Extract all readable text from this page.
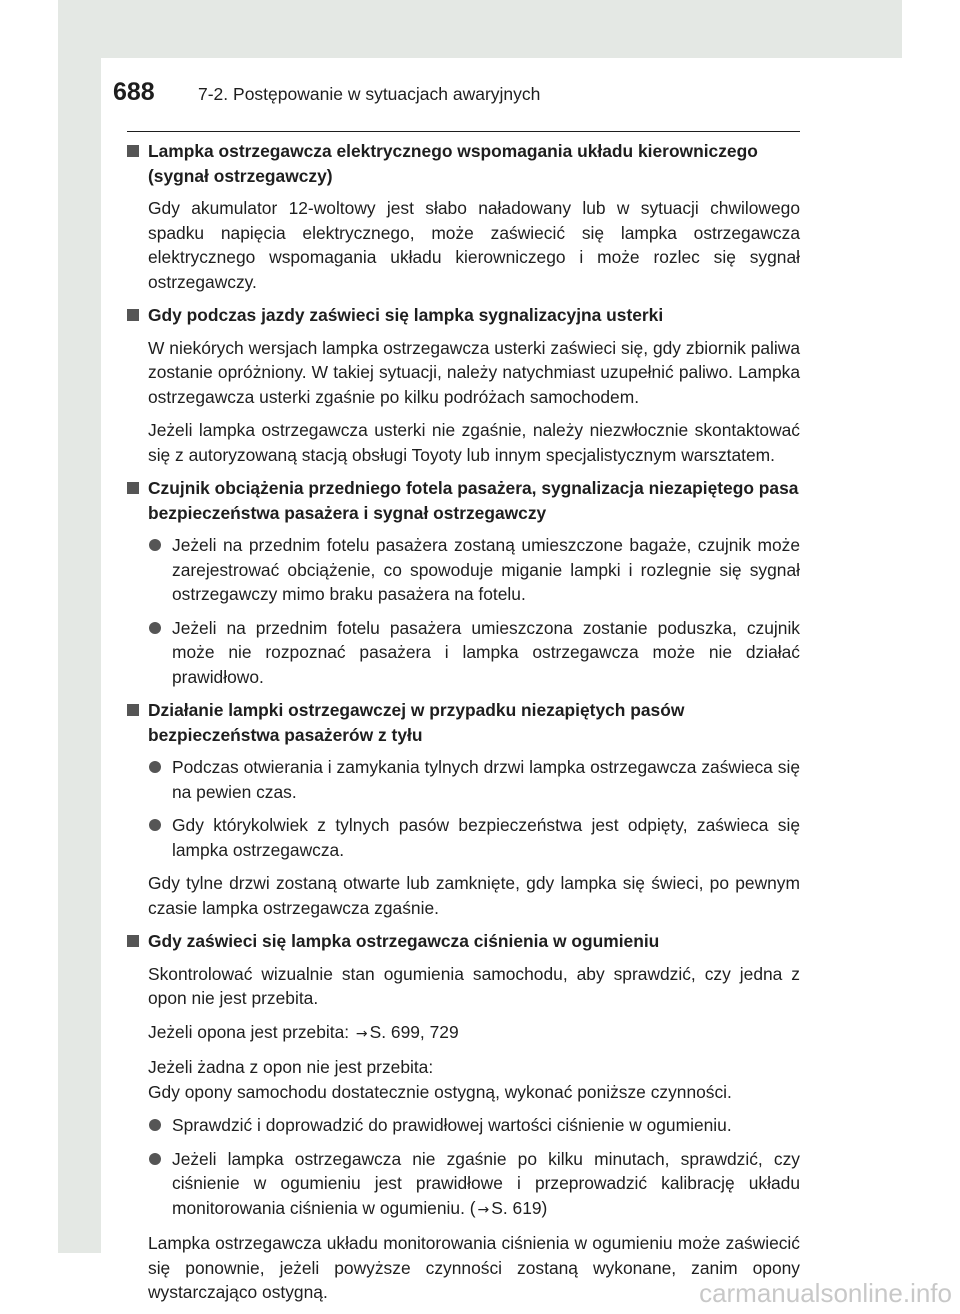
688 7-2. Postępowanie w sytuacjach awaryjnych
Lampka ostrzegawcza elektrycznego wspomagania układu kierowniczego (sygnał ostrzegawczy)
Gdy akumulator 12-woltowy jest słabo naładowany lub w sytuacji chwilowego spadku napięcia elektrycznego, może zaświecić się lampka ostrzegawcza elektrycznego wspomagania układu kierowniczego i może rozlec się sygnał ostrzegawczy.
Gdy podczas jazdy zaświeci się lampka sygnalizacyjna usterki
W niekórych wersjach lampka ostrzegawcza usterki zaświeci się, gdy zbiornik paliwa zostanie opróżniony. W takiej sytuacji, należy natychmiast uzupełnić paliwo. Lampka ostrzegawcza usterki zgaśnie po kilku podróżach samochodem.
Jeżeli lampka ostrzegawcza usterki nie zgaśnie, należy niezwłocznie skontaktować się z autoryzowaną stacją obsługi Toyoty lub innym specjalistycznym warsztatem.
Czujnik obciążenia przedniego fotela pasażera, sygnalizacja niezapiętego pasa bezpieczeństwa pasażera i sygnał ostrzegawczy
Jeżeli na przednim fotelu pasażera zostaną umieszczone bagaże, czujnik może zarejestrować obciążenie, co spowoduje miganie lampki i rozlegnie się sygnał ostrzegawczy mimo braku pasażera na fotelu.
Jeżeli na przednim fotelu pasażera umieszczona zostanie poduszka, czujnik może nie rozpoznać pasażera i lampka ostrzegawcza może nie działać prawidłowo.
Działanie lampki ostrzegawczej w przypadku niezapiętych pasów bezpieczeństwa pasażerów z tyłu
Podczas otwierania i zamykania tylnych drzwi lampka ostrzegawcza zaświeca się na pewien czas.
Gdy którykolwiek z tylnych pasów bezpieczeństwa jest odpięty, zaświeca się lampka ostrzegawcza.
Gdy tylne drzwi zostaną otwarte lub zamknięte, gdy lampka się świeci, po pewnym czasie lampka ostrzegawcza zgaśnie.
Gdy zaświeci się lampka ostrzegawcza ciśnienia w ogumieniu
Skontrolować wizualnie stan ogumienia samochodu, aby sprawdzić, czy jedna z opon nie jest przebita.
Jeżeli opona jest przebita: → S. 699, 729
Jeżeli żadna z opon nie jest przebita:
Gdy opony samochodu dostatecznie ostygną, wykonać poniższe czynności.
Sprawdzić i doprowadzić do prawidłowej wartości ciśnienie w ogumieniu.
Jeżeli lampka ostrzegawcza nie zgaśnie po kilku minutach, sprawdzić, czy ciśnienie w ogumieniu jest prawidłowe i przeprowadzić kalibrację układu monitorowania ciśnienia w ogumieniu. ( → S. 619)
Lampka ostrzegawcza układu monitorowania ciśnienia w ogumieniu może zaświecić się ponownie, jeżeli powyższe czynności zostaną wykonane, zanim opony wystarczająco ostygną.	carmanualsonline.info
